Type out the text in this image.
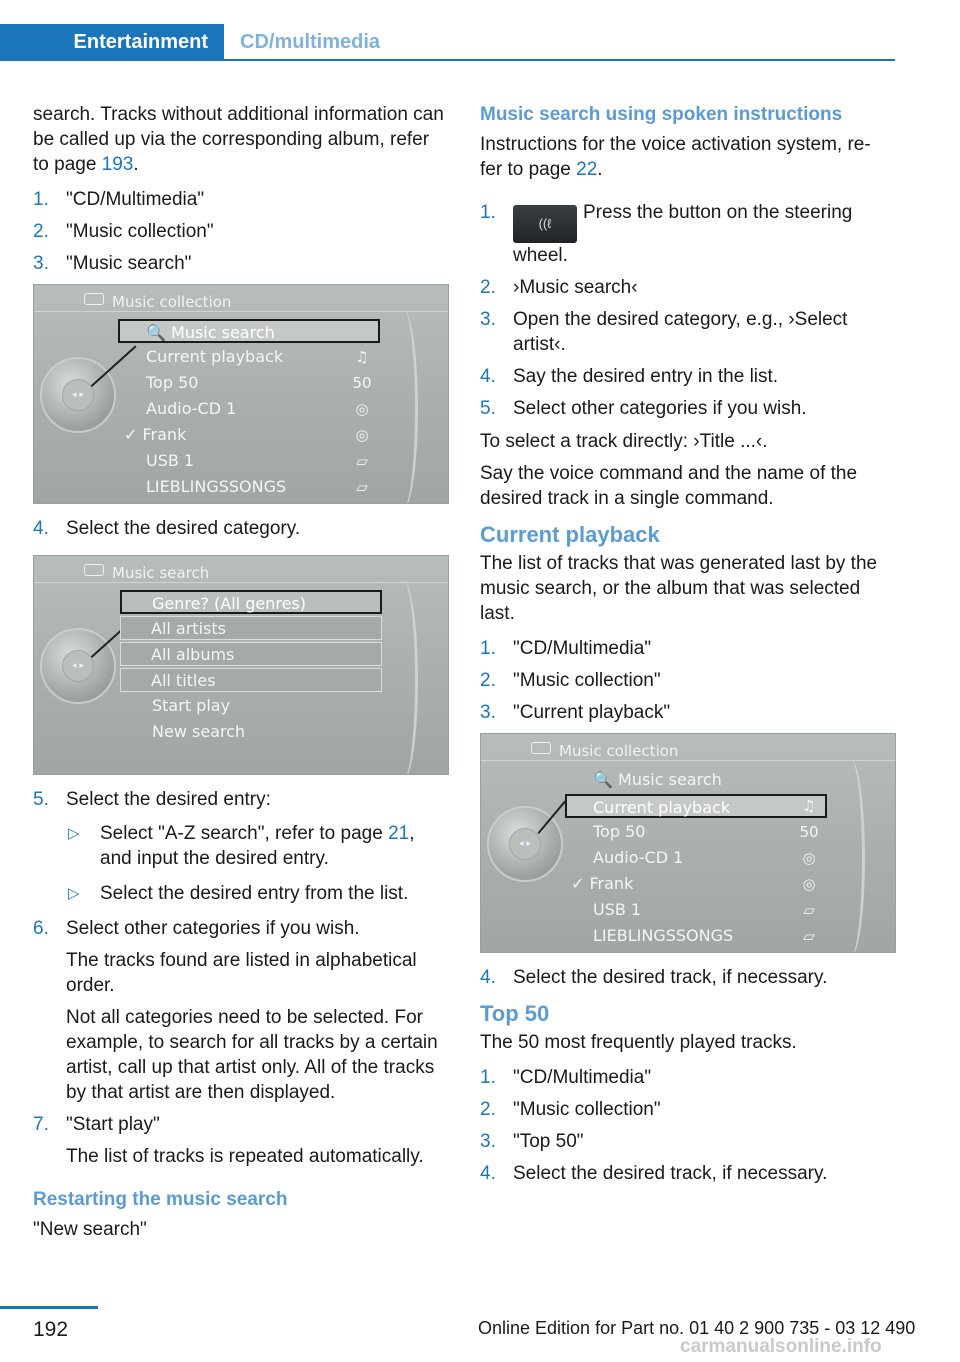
Entertainment	CD/multimedia

search. Tracks without additional information can be called up via the corresponding album, refer to page 193.

1. "CD/Multimedia"
2. "Music collection"
3. "Music search"
Music collection
◂ ▸
🔍 Music search
Current playback	♫
Top 50	50
Audio-CD 1	◎
✓ Frank	◎
USB 1	▱
LIEBLINGSSONGS	▱
4. Select the desired category.
Music search
◂ ▸
Genre? (All genres)
All artists
All albums
All titles
Start play
New search
5. Select the desired entry:
▷ Select "A-Z search", refer to page 21, and input the desired entry.
▷ Select the desired entry from the list.
6. Select other categories if you wish.
The tracks found are listed in alphabetical order.
Not all categories need to be selected. For example, to search for all tracks by a certain artist, call up that artist only. All of the tracks by that artist are then displayed.
7. "Start play"
The list of tracks is repeated automatically.
Restarting the music search

"New search"

Music search using spoken instructions

Instructions for the voice activation system, re- fer to page 22.

1.
((ℓPress the button on the steering wheel.
2. ›Music search‹
3. Open the desired category, e.g., ›Select artist‹.
4. Say the desired entry in the list.
5. Select other categories if you wish.

To select a track directly: ›Title ...‹.

Say the voice command and the name of the desired track in a single command.

Current playback

The list of tracks that was generated last by the music search, or the album that was selected last.

1. "CD/Multimedia"
2. "Music collection"
3. "Current playback"
Music collection
◂ ▸
🔍 Music search
Current playback	♫
Top 50	50
Audio-CD 1	◎
✓ Frank	◎
USB 1	▱
LIEBLINGSSONGS	▱
4. Select the desired track, if necessary.
Top 50

The 50 most frequently played tracks.

1. "CD/Multimedia"
2. "Music collection"
3. "Top 50"
4. Select the desired track, if necessary.
192	Online Edition for Part no. 01 40 2 900 735 - 03 12 490
carmanualsonline.info
